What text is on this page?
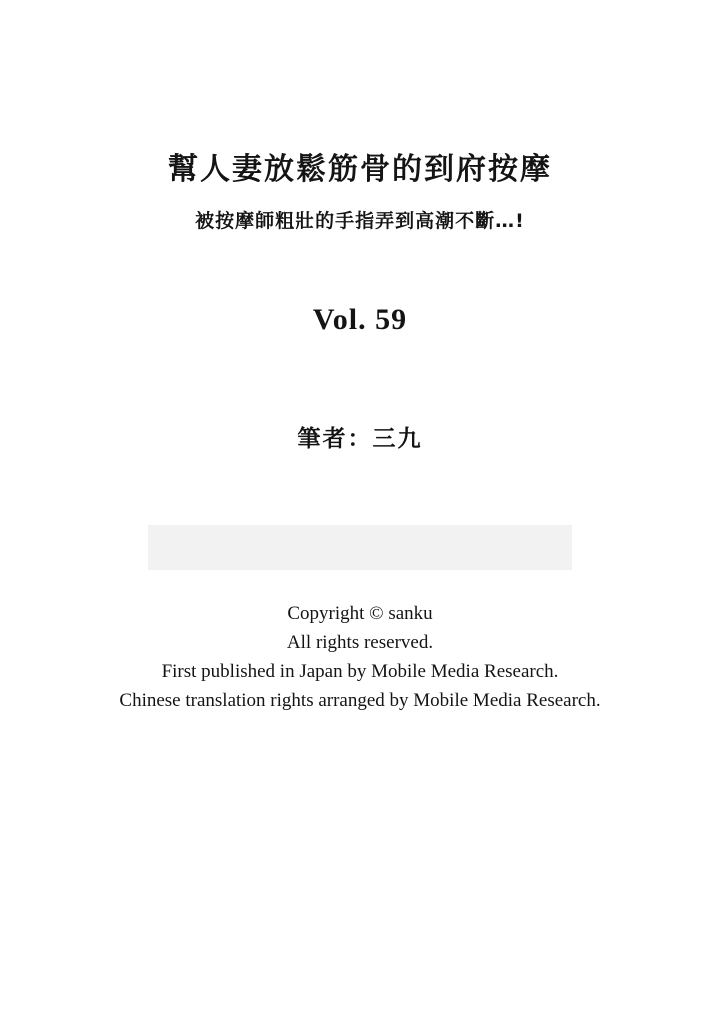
幫人妻放鬆筋骨的到府按摩
被按摩師粗壯的手指弄到高潮不斷…!
Vol. 59
筆者：三九
Copyright © sanku
All rights reserved.
First published in Japan by Mobile Media Research.
Chinese translation rights arranged by Mobile Media Research.
